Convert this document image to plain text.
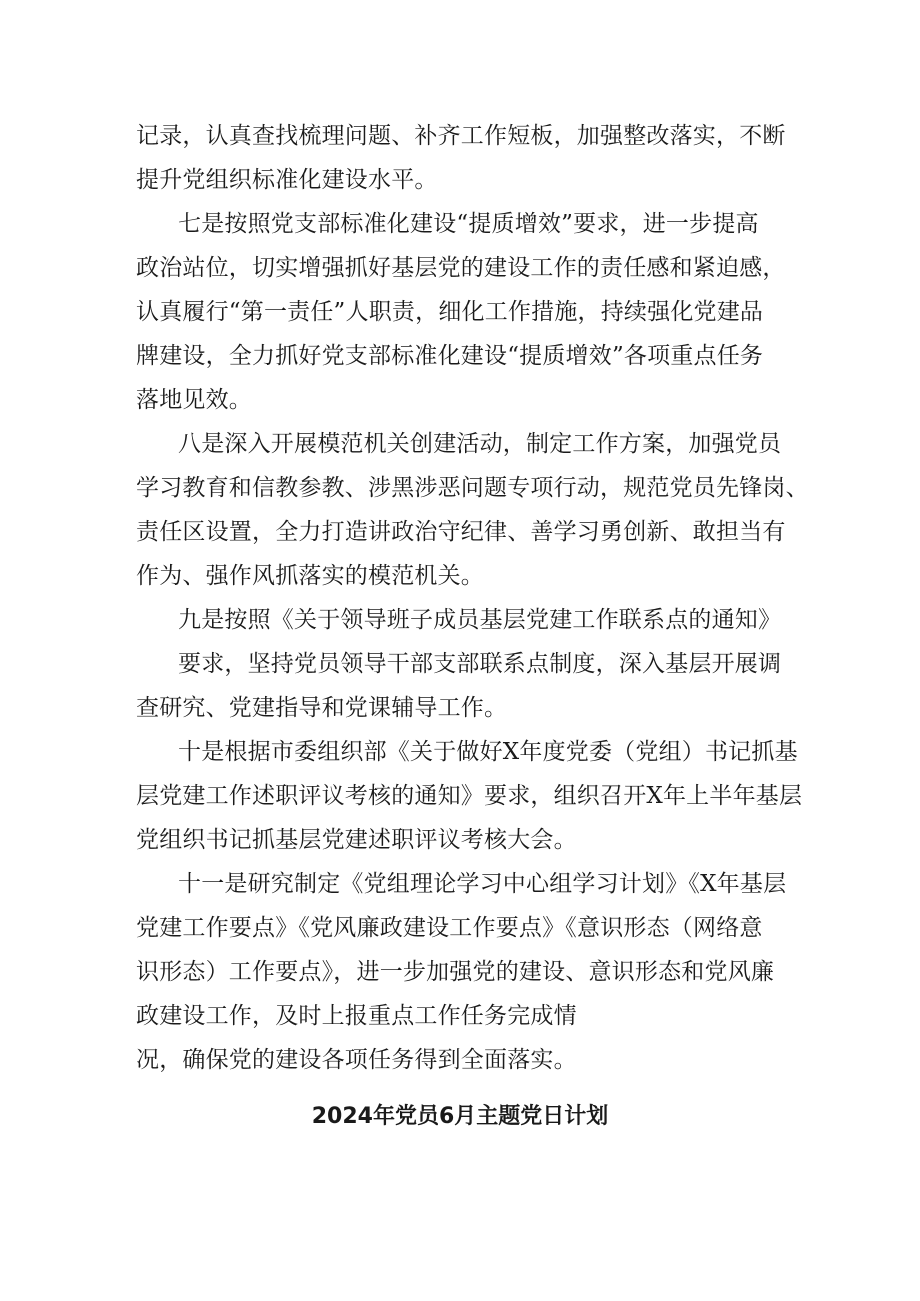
记录，认真查找梳理问题、补齐工作短板，加强整改落实，不断
提升党组织标准化建设水平。
七是按照党支部标准化建设“提质增效”要求，进一步提高
政治站位，切实增强抓好基层党的建设工作的责任感和紧迫感，
认真履行“第一责任”人职责，细化工作措施，持续强化党建品
牌建设，全力抓好党支部标准化建设“提质增效”各项重点任务
落地见效。
八是深入开展模范机关创建活动，制定工作方案，加强党员
学习教育和信教参教、涉黑涉恶问题专项行动，规范党员先锋岗、
责任区设置，全力打造讲政治守纪律、善学习勇创新、敢担当有
作为、强作风抓落实的模范机关。
九是按照《关于领导班子成员基层党建工作联系点的通知》
要求，坚持党员领导干部支部联系点制度，深入基层开展调
查研究、党建指导和党课辅导工作。
十是根据市委组织部《关于做好X年度党委（党组）书记抓基
层党建工作述职评议考核的通知》要求，组织召开X年上半年基层
党组织书记抓基层党建述职评议考核大会。
十一是研究制定《党组理论学习中心组学习计划》《X年基层
党建工作要点》《党风廉政建设工作要点》《意识形态（网络意
识形态）工作要点》，进一步加强党的建设、意识形态和党风廉
政建设工作，及时上报重点工作任务完成情
况，确保党的建设各项任务得到全面落实。
2024年党员6月主题党日计划
